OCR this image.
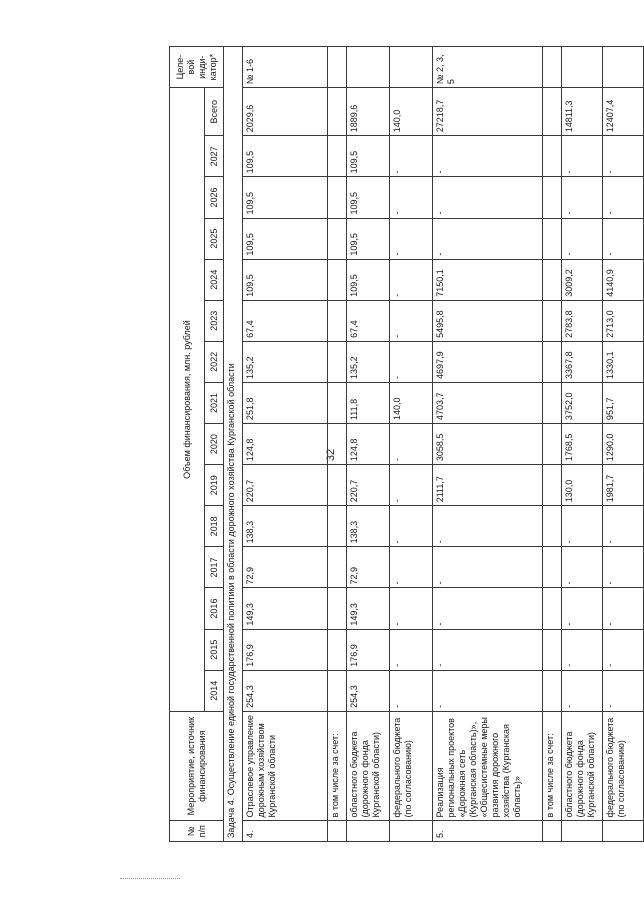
32
№ п/п	Мероприятие, источник финансирования	Объем финансирования, млн. рублей															Целе-вой инди-катор*
		2014	2015	2016	2017	2018	2019	2020	2021	2022	2023	2024	2025	2026	2027	Всего	
Задача 4. Осуществление единой государственной политики в области дорожного хозяйства Курганской области																	
4.	Отраслевое управление дорожным хозяйством Курганской области	254,3	176,9	149,3	72,9	138,3	220,7	124,8	251,8	135,2	67,4	109,5	109,5	109,5	109,5	2029,6	№ 1-6
	в том числе за счет:																
	областного бюджета (дорожного фонда Курганской области)	254,3	176,9	149,3	72,9	138,3	220,7	124,8	111,8	135,2	67,4	109,5	109,5	109,5	109,5	1889,6	
	федерального бюджета (по согласованию)	-	-	-	-	-	-	-	140,0	-	-	-	-	-	-	140,0	
5.	Реализация региональных проектов «Дорожная сеть (Курганская область)», «Общесистемные меры развития дорожного хозяйства (Курганская область)»	-	-	-	-	-	2111,7	3058,5	4703,7	4697,9	5495,8	7150,1	-	-	-	27218,7	№ 2, 3, 5
	в том числе за счет:																
	областного бюджета (дорожного фонда Курганской области)	-	-	-	-	-	130,0	1768,5	3752,0	3367,8	2783,8	3009,2	-	-	-	14811,3	
	федерального бюджета (по согласованию)	-	-	-	-	-	1981,7	1290,0	951,7	1330,1	2713,0	4140,9	-	-	-	12407,4	
